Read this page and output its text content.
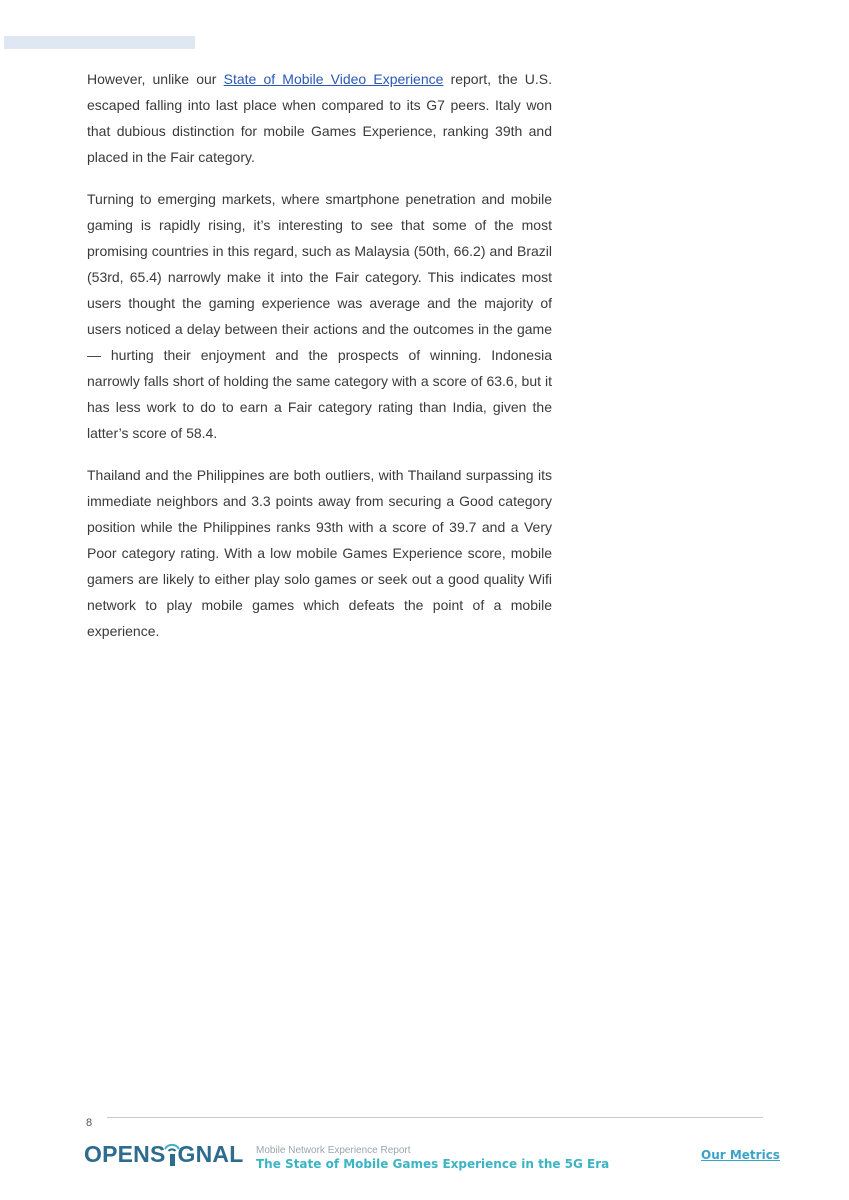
However, unlike our State of Mobile Video Experience report, the U.S. escaped falling into last place when compared to its G7 peers. Italy won that dubious distinction for mobile Games Experience, ranking 39th and placed in the Fair category.

Turning to emerging markets, where smartphone penetration and mobile gaming is rapidly rising, it’s interesting to see that some of the most promising countries in this regard, such as Malaysia (50th, 66.2) and Brazil (53rd, 65.4) narrowly make it into the Fair category. This indicates most users thought the gaming experience was average and the majority of users noticed a delay between their actions and the outcomes in the game — hurting their enjoyment and the prospects of winning. Indonesia narrowly falls short of holding the same category with a score of 63.6, but it has less work to do to earn a Fair category rating than India, given the latter’s score of 58.4.

Thailand and the Philippines are both outliers, with Thailand surpassing its immediate neighbors and 3.3 points away from securing a Good category position while the Philippines ranks 93th with a score of 39.7 and a Very Poor category rating. With a low mobile Games Experience score, mobile gamers are likely to either play solo games or seek out a good quality Wifi network to play mobile games which defeats the point of a mobile experience.

8
OPENS GNAL Mobile Network Experience Report
The State of Mobile Games Experience in the 5G Era
Our Metrics
